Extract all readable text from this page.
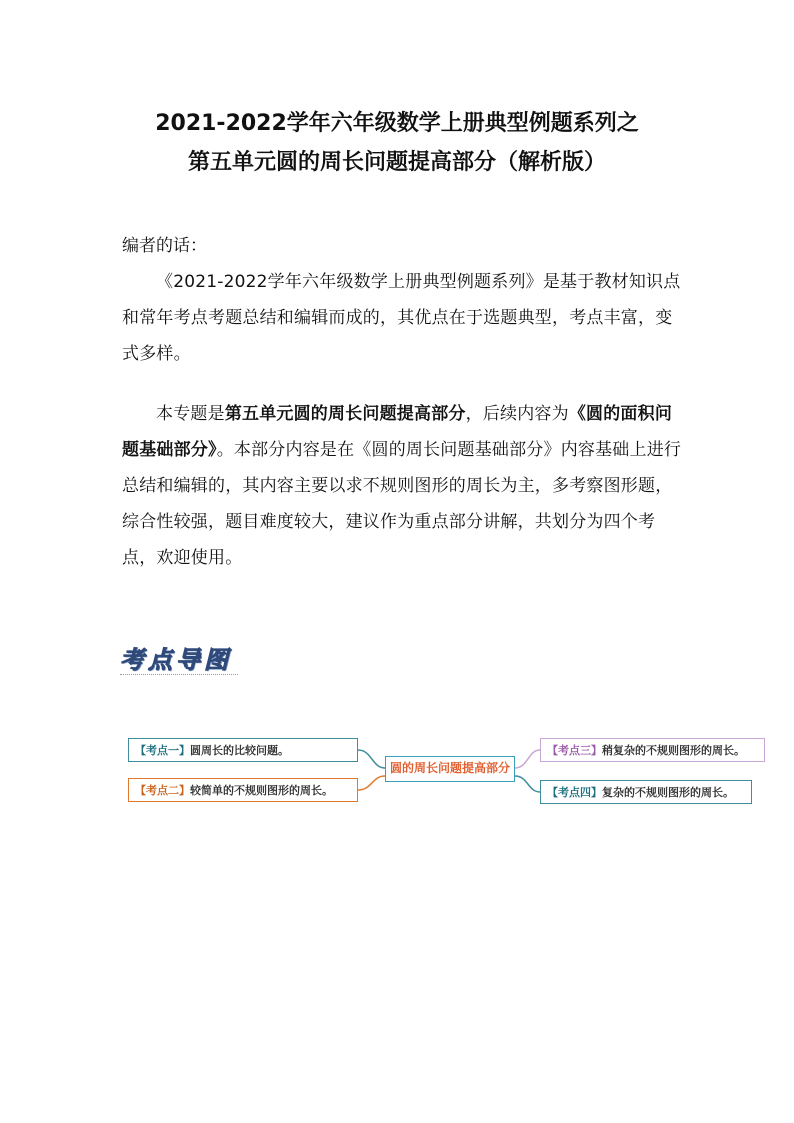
2021-2022学年六年级数学上册典型例题系列之
第五单元圆的周长问题提高部分（解析版）

编者的话：

《2021-2022学年六年级数学上册典型例题系列》是基于教材知识点和常年考点考题总结和编辑而成的，其优点在于选题典型，考点丰富，变式多样。

本专题是第五单元圆的周长问题提高部分，后续内容为《圆的面积问题基础部分》。本部分内容是在《圆的周长问题基础部分》内容基础上进行总结和编辑的，其内容主要以求不规则图形的周长为主，多考察图形题，综合性较强，题目难度较大，建议作为重点部分讲解，共划分为四个考点，欢迎使用。

考点导图
【考点一】圆周长的比较问题。
【考点二】较简单的不规则图形的周长。
圆的周长问题提高部分
【考点三】稍复杂的不规则图形的周长。
【考点四】复杂的不规则图形的周长。
